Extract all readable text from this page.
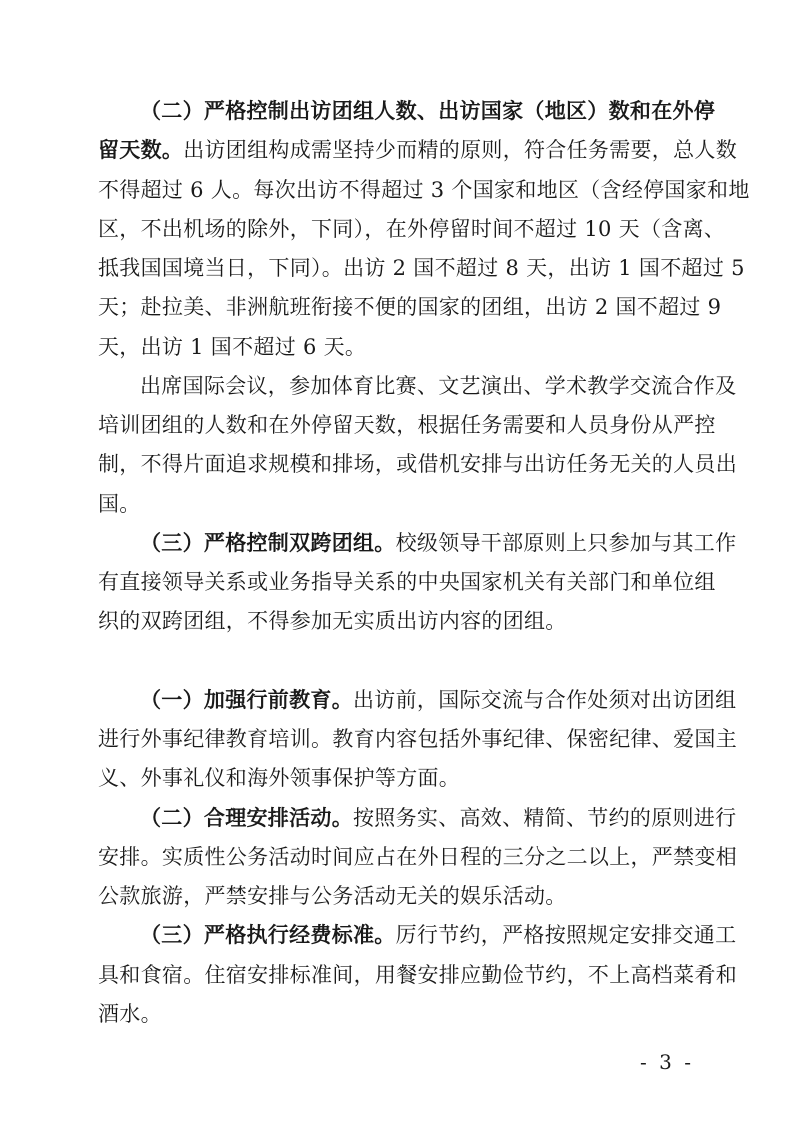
（二）严格控制出访团组人数、出访国家（地区）数和在外停
留天数。出访团组构成需坚持少而精的原则，符合任务需要，总人数
不得超过 6 人。每次出访不得超过 3 个国家和地区（含经停国家和地
区，不出机场的除外，下同），在外停留时间不超过 10 天（含离、
抵我国国境当日，下同）。出访 2 国不超过 8 天，出访 1 国不超过 5
天；赴拉美、非洲航班衔接不便的国家的团组，出访 2 国不超过 9
天，出访 1 国不超过 6 天。
出席国际会议，参加体育比赛、文艺演出、学术教学交流合作及
培训团组的人数和在外停留天数，根据任务需要和人员身份从严控
制，不得片面追求规模和排场，或借机安排与出访任务无关的人员出
国。
（三）严格控制双跨团组。校级领导干部原则上只参加与其工作
有直接领导关系或业务指导关系的中央国家机关有关部门和单位组
织的双跨团组，不得参加无实质出访内容的团组。
（一）加强行前教育。出访前，国际交流与合作处须对出访团组
进行外事纪律教育培训。教育内容包括外事纪律、保密纪律、爱国主
义、外事礼仪和海外领事保护等方面。
（二）合理安排活动。按照务实、高效、精简、节约的原则进行
安排。实质性公务活动时间应占在外日程的三分之二以上，严禁变相
公款旅游，严禁安排与公务活动无关的娱乐活动。
（三）严格执行经费标准。厉行节约，严格按照规定安排交通工
具和食宿。住宿安排标准间，用餐安排应勤俭节约，不上高档菜肴和
酒水。
- 3 -
